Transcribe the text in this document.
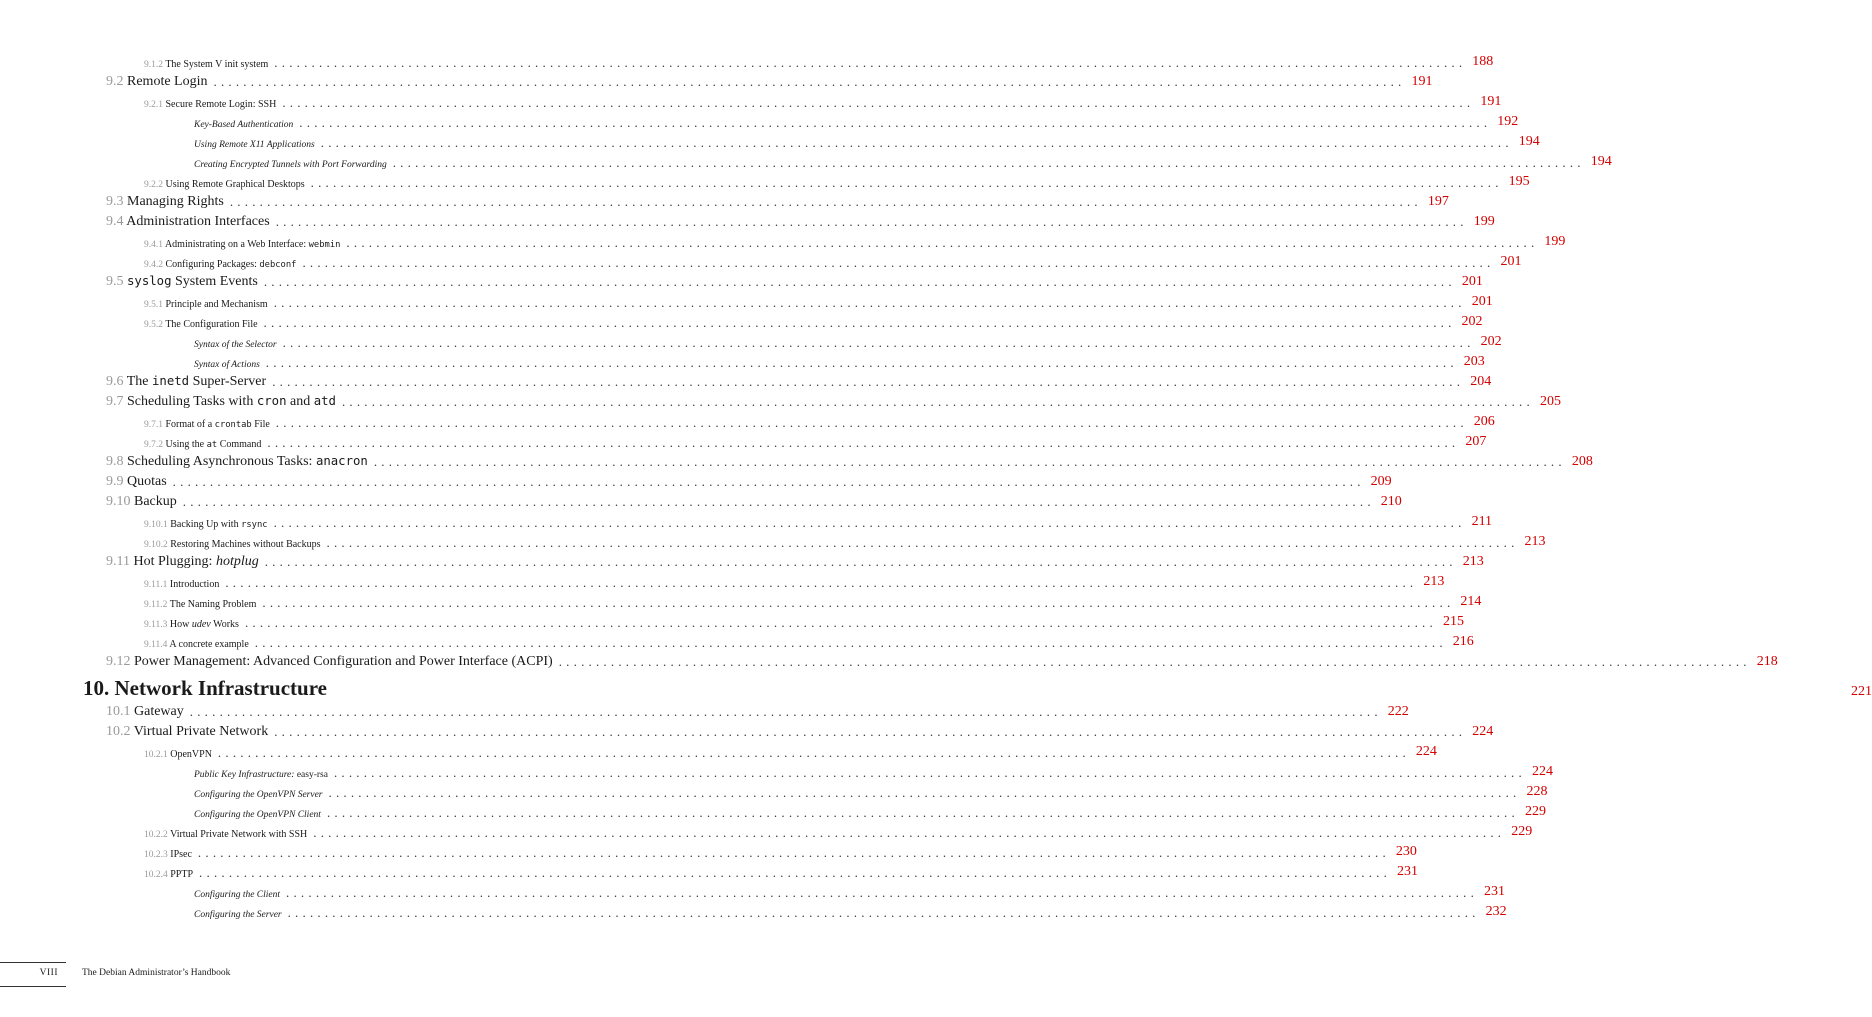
9.1.2 The System V init system ................................................................................................................................................................ 188
9.2 Remote Login ................................................................................................................................................................ 191
9.2.1 Secure Remote Login: SSH ................................................................................................................................................................ 191
Key-Based Authentication ................................................................................................................................................................ 192
Using Remote X11 Applications ................................................................................................................................................................ 194
Creating Encrypted Tunnels with Port Forwarding ................................................................................................................................................................ 194
9.2.2 Using Remote Graphical Desktops ................................................................................................................................................................ 195
9.3 Managing Rights ................................................................................................................................................................ 197
9.4 Administration Interfaces ................................................................................................................................................................ 199
9.4.1 Administrating on a Web Interface: webmin ................................................................................................................................................................ 199
9.4.2 Configuring Packages: debconf ................................................................................................................................................................ 201
9.5 syslog System Events ................................................................................................................................................................ 201
9.5.1 Principle and Mechanism ................................................................................................................................................................ 201
9.5.2 The Configuration File ................................................................................................................................................................ 202
Syntax of the Selector ................................................................................................................................................................ 202
Syntax of Actions ................................................................................................................................................................ 203
9.6 The inetd Super-Server ................................................................................................................................................................ 204
9.7 Scheduling Tasks with cron and atd ................................................................................................................................................................ 205
9.7.1 Format of a crontab File ................................................................................................................................................................ 206
9.7.2 Using the at Command ................................................................................................................................................................ 207
9.8 Scheduling Asynchronous Tasks: anacron ................................................................................................................................................................ 208
9.9 Quotas ................................................................................................................................................................ 209
9.10 Backup ................................................................................................................................................................ 210
9.10.1 Backing Up with rsync ................................................................................................................................................................ 211
9.10.2 Restoring Machines without Backups ................................................................................................................................................................ 213
9.11 Hot Plugging: hotplug ................................................................................................................................................................ 213
9.11.1 Introduction ................................................................................................................................................................ 213
9.11.2 The Naming Problem ................................................................................................................................................................ 214
9.11.3 How udev Works ................................................................................................................................................................ 215
9.11.4 A concrete example ................................................................................................................................................................ 216
9.12 Power Management: Advanced Configuration and Power Interface (ACPI) ................................................................................................................................................................ 218
10. Network Infrastructure	221
10.1 Gateway ................................................................................................................................................................ 222
10.2 Virtual Private Network ................................................................................................................................................................ 224
10.2.1 OpenVPN ................................................................................................................................................................ 224
Public Key Infrastructure: easy-rsa ................................................................................................................................................................ 224
Configuring the OpenVPN Server ................................................................................................................................................................ 228
Configuring the OpenVPN Client ................................................................................................................................................................ 229
10.2.2 Virtual Private Network with SSH ................................................................................................................................................................ 229
10.2.3 IPsec ................................................................................................................................................................ 230
10.2.4 PPTP ................................................................................................................................................................ 231
Configuring the Client ................................................................................................................................................................ 231
Configuring the Server ................................................................................................................................................................ 232
VIII	The Debian Administrator’s Handbook
